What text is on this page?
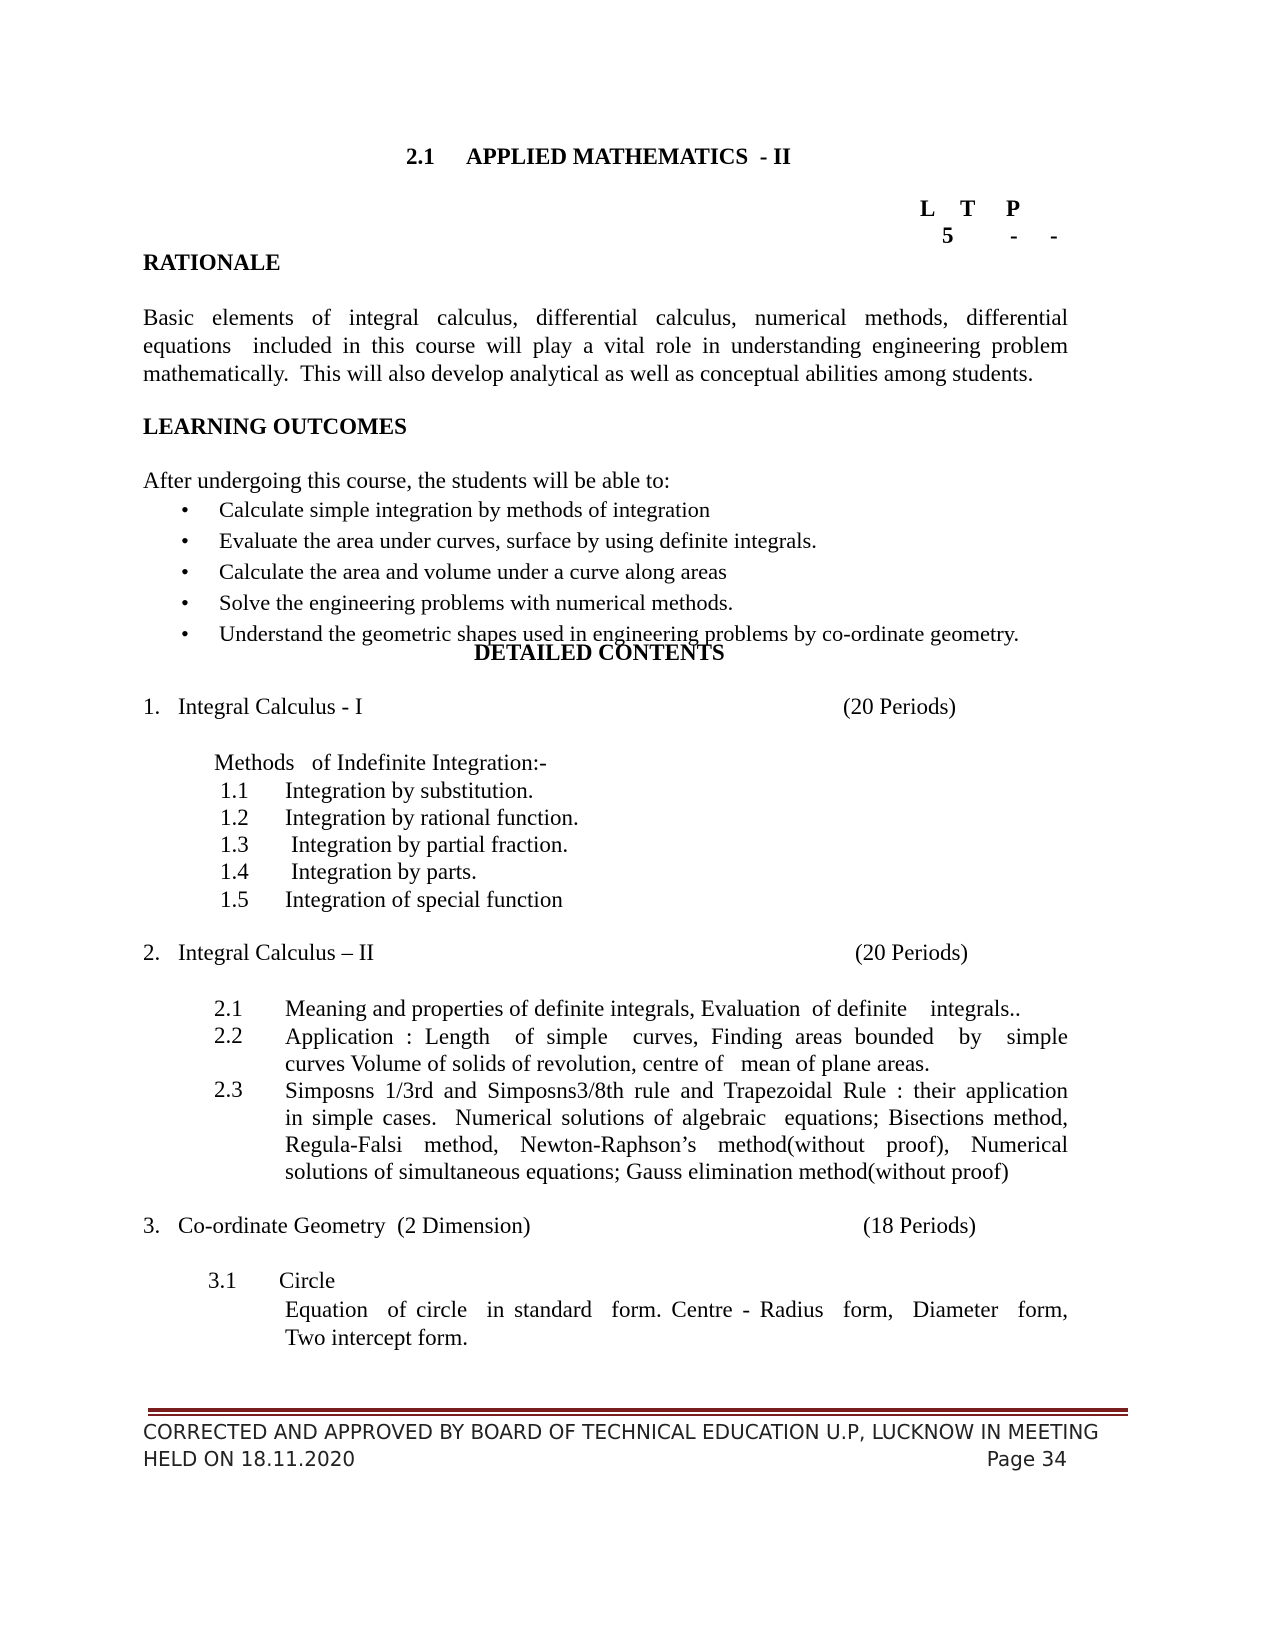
2.1 APPLIED MATHEMATICS  - II
L T P
5 - -
RATIONALE
Basic elements of integral calculus, differential calculus, numerical methods, differential
equations  included in this course will play a vital role in understanding engineering problem
mathematically.  This will also develop analytical as well as conceptual abilities among students.
LEARNING OUTCOMES
After undergoing this course, the students will be able to:
• Calculate simple integration by methods of integration
• Evaluate the area under curves, surface by using definite integrals.
• Calculate the area and volume under a curve along areas
• Solve the engineering problems with numerical methods.
• Understand the geometric shapes used in engineering problems by co-ordinate geometry.
DETAILED CONTENTS
1. Integral Calculus - I	(20 Periods)
Methods   of Indefinite Integration:-
1.1 Integration by substitution.
1.2 Integration by rational function.
1.3 Integration by partial fraction.
1.4 Integration by parts.
1.5 Integration of special function
2. Integral Calculus – II	(20 Periods)
2.1 Meaning and properties of definite integrals, Evaluation  of definite    integrals..
2.2 Application : Length  of simple  curves, Finding areas bounded  by  simple
curves Volume of solids of revolution, centre of   mean of plane areas.
2.3 Simposns 1/3rd and Simposns3/8th rule and Trapezoidal Rule : their application
in simple cases.  Numerical solutions of algebraic  equations; Bisections method,
Regula-Falsi  method,  Newton-Raphson’s  method(without  proof),  Numerical
solutions of simultaneous equations; Gauss elimination method(without proof)
3. Co-ordinate Geometry  (2 Dimension)	(18 Periods)
3.1 Circle
Equation  of circle  in standard  form. Centre - Radius  form,  Diameter  form,
Two intercept form.
CORRECTED AND APPROVED BY BOARD OF TECHNICAL EDUCATION U.P, LUCKNOW IN MEETING
HELD ON 18.11.2020	Page 34
